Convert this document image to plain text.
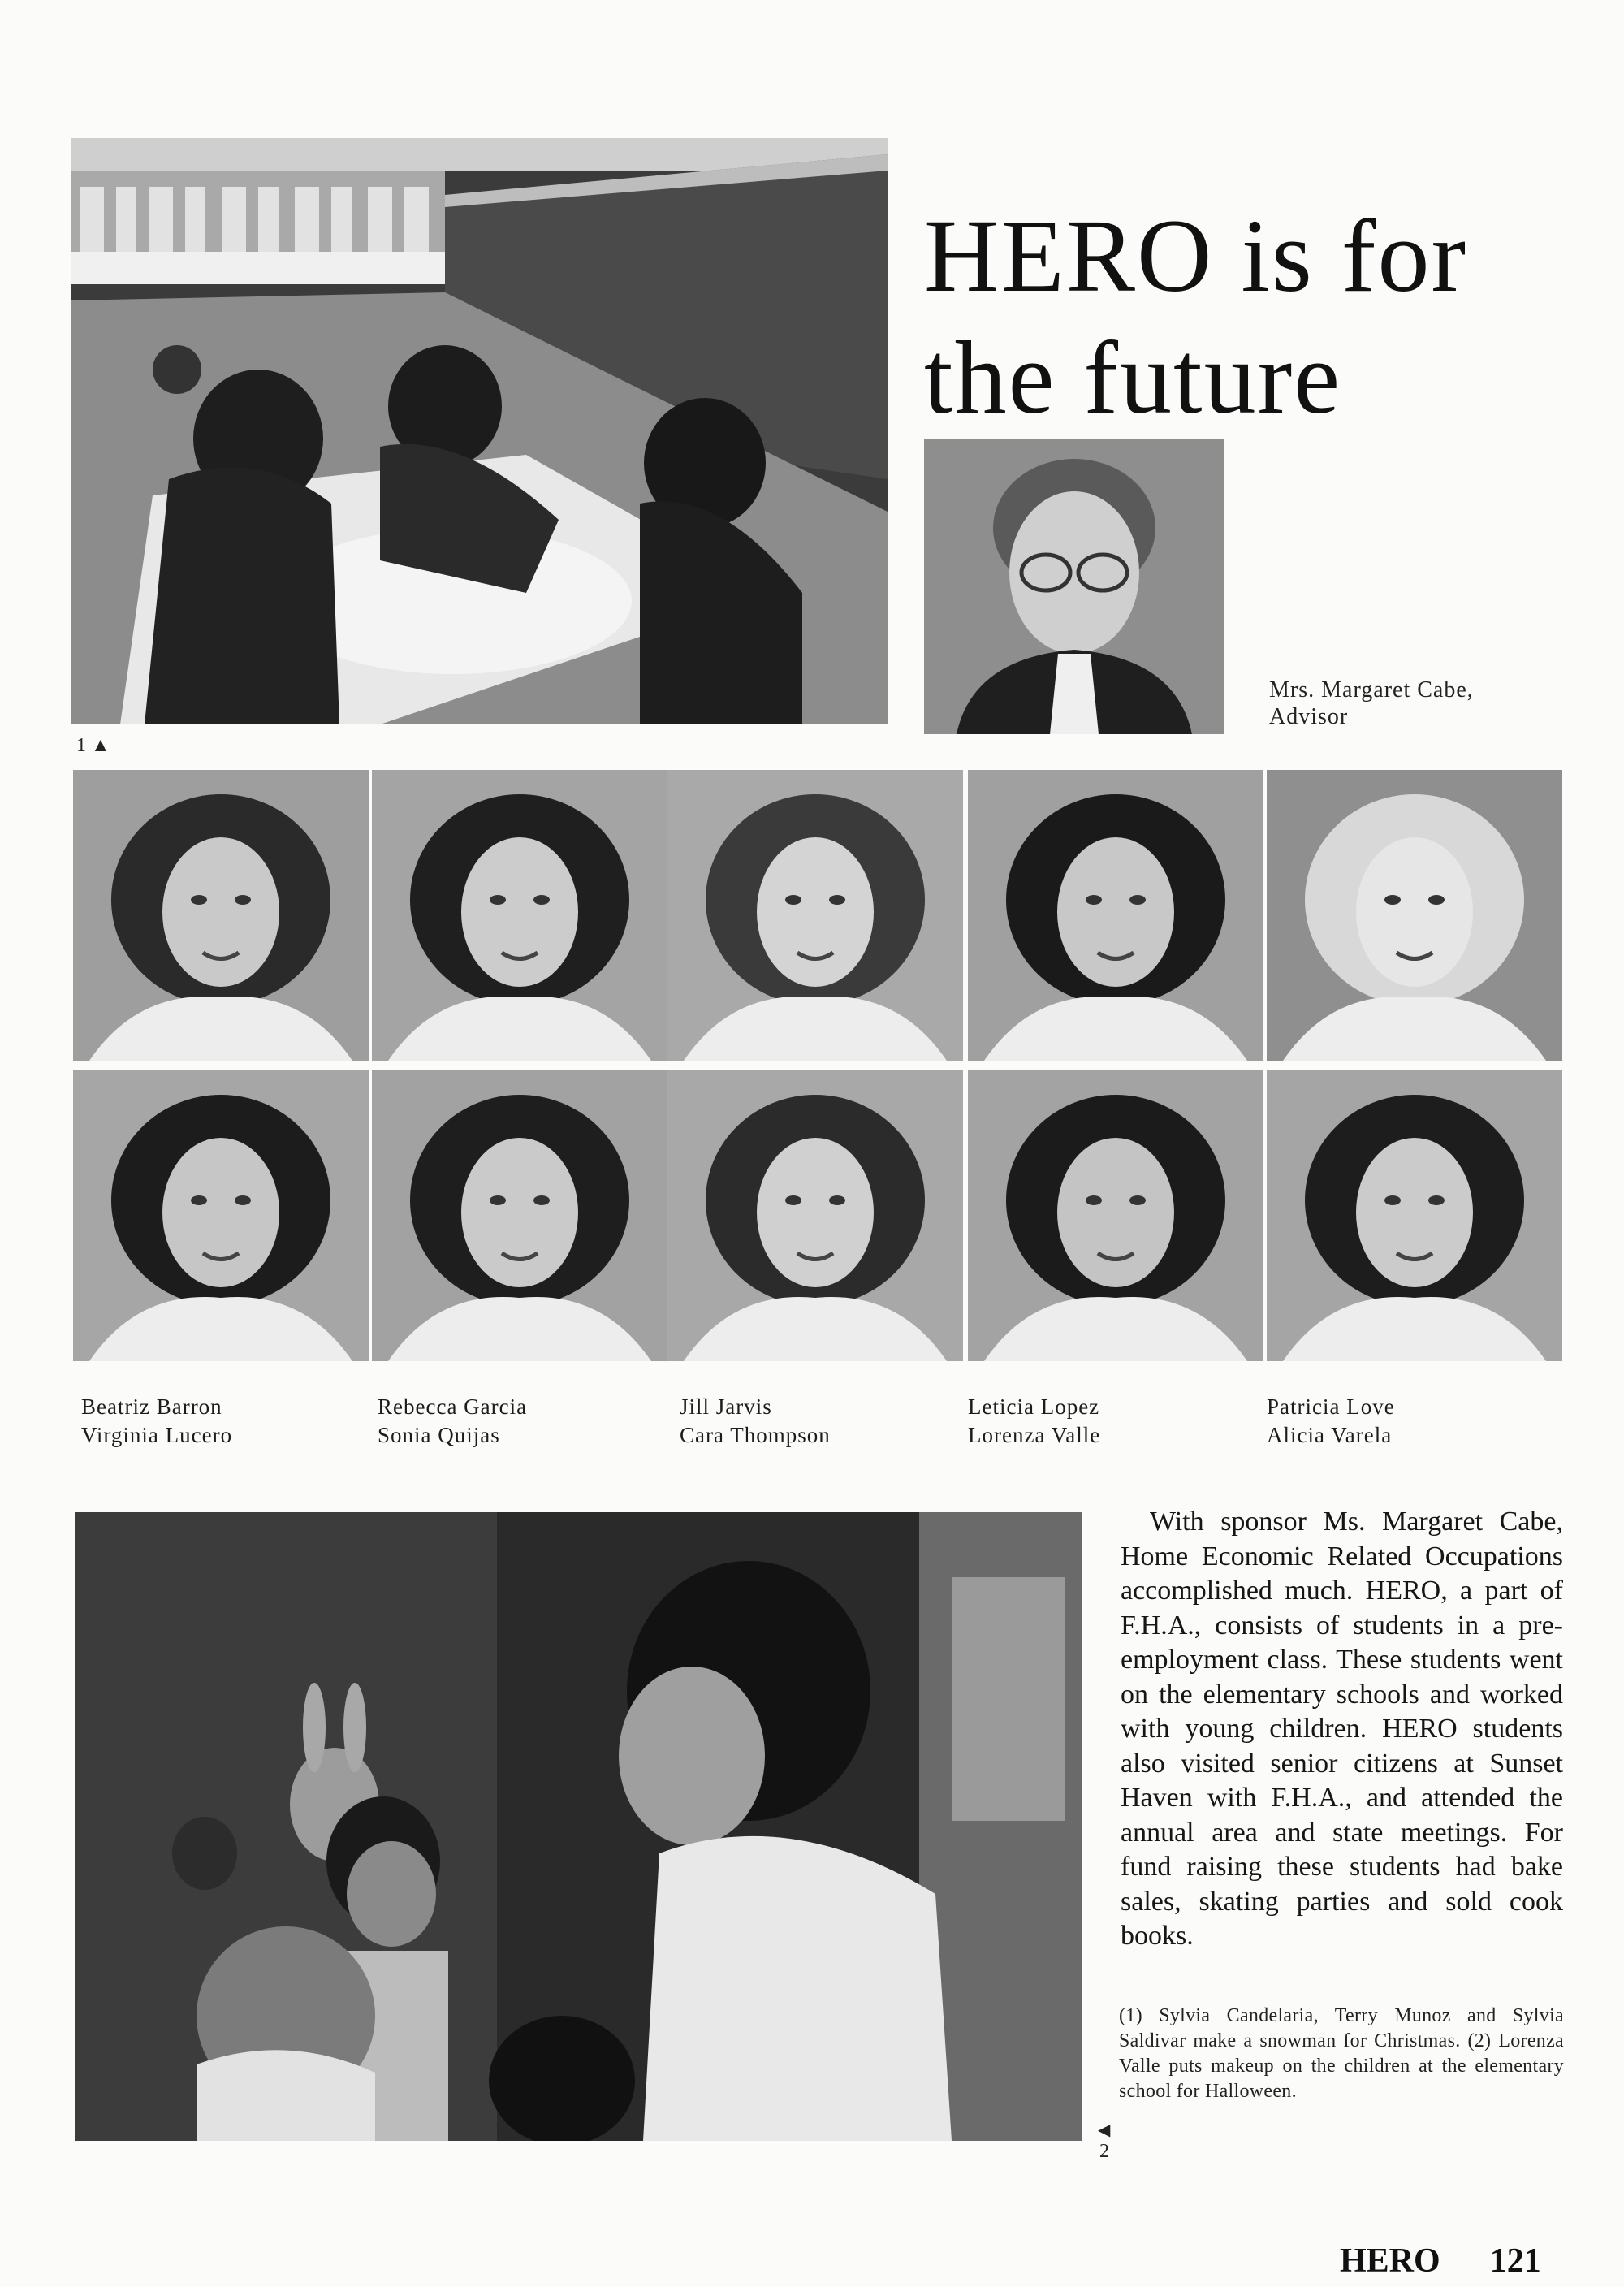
1 ▲
HERO is for
the future
Mrs. Margaret Cabe,
Advisor
Beatriz Barron
Virginia Lucero
Rebecca Garcia
Sonia Quijas
Jill Jarvis
Cara Thompson
Leticia Lopez
Lorenza Valle
Patricia Love
Alicia Varela
With sponsor Ms. Margaret Cabe, Home Economic Related Occupations accomplished much. HERO, a part of F.H.A., consists of students in a pre-employment class. These students went on the elementary schools and worked with young children. HERO students also visited senior citizens at Sunset Haven with F.H.A., and attended the annual area and state meetings. For fund raising these students had bake sales, skating parties and sold cook books.
(1) Sylvia Candelaria, Terry Munoz and Sylvia Saldivar make a snowman for Christmas. (2) Lorenza Valle puts makeup on the children at the elementary school for Halloween.
◀
2
HERO 121
